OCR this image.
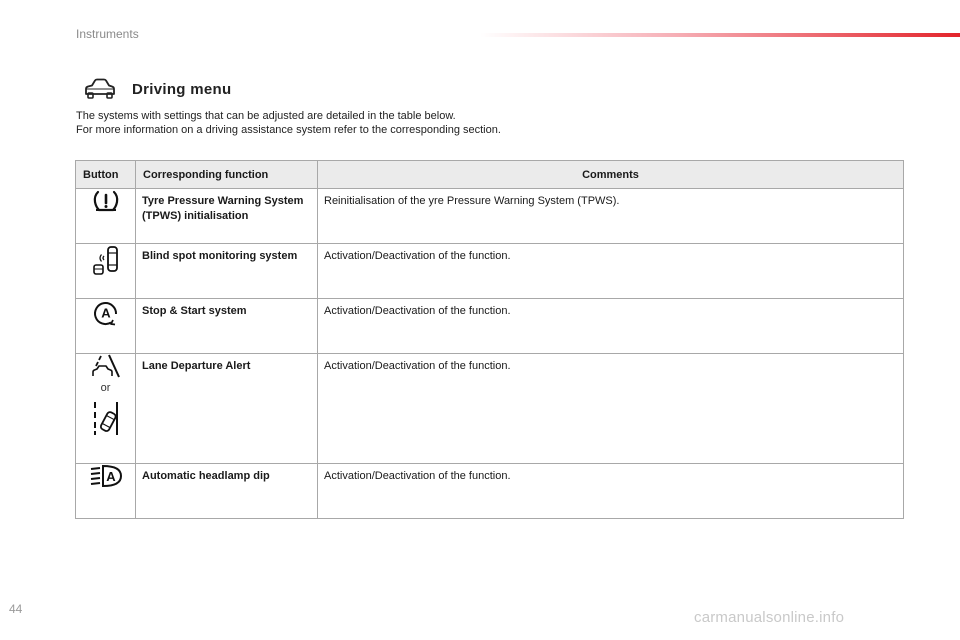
Instruments
Driving menu

The systems with settings that can be adjusted are detailed in the table below.

For more information on a driving assistance system refer to the corresponding section.

Button	Corresponding function	Comments

	Tyre Pressure Warning System (TPWS) initialisation	Reinitialisation of the yre Pressure Warning System (TPWS).

	Blind spot monitoring system	Activation/Deactivation of the function.

A	Stop & Start system	Activation/Deactivation of the function.

or	Lane Departure Alert	Activation/Deactivation of the function.

A	Automatic headlamp dip	Activation/Deactivation of the function.
44	carmanualsonline.info
